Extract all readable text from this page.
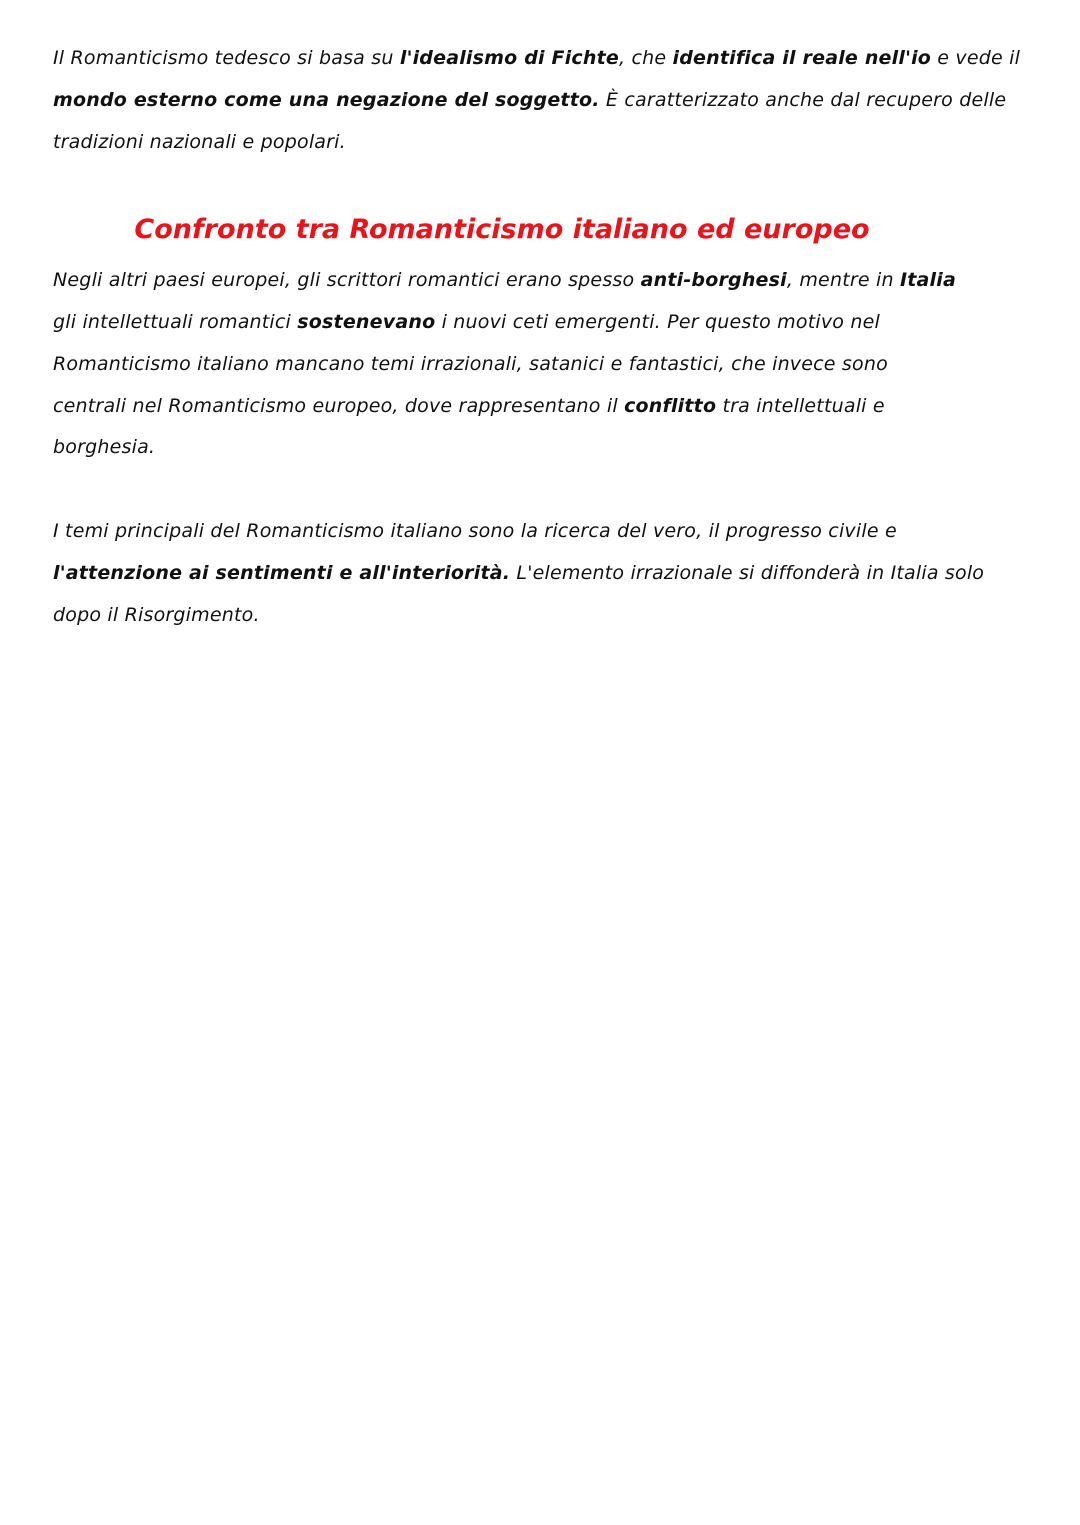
Il Romanticismo tedesco si basa su l'idealismo di Fichte, che identifica il reale nell'io e vede il
mondo esterno come una negazione del soggetto. È caratterizzato anche dal recupero delle
tradizioni nazionali e popolari.
Confronto tra Romanticismo italiano ed europeo
Negli altri paesi europei, gli scrittori romantici erano spesso anti-borghesi, mentre in Italia
gli intellettuali romantici sostenevano i nuovi ceti emergenti. Per questo motivo nel
Romanticismo italiano mancano temi irrazionali, satanici e fantastici, che invece sono
centrali nel Romanticismo europeo, dove rappresentano il conflitto tra intellettuali e
borghesia.
I temi principali del Romanticismo italiano sono la ricerca del vero, il progresso civile e
l'attenzione ai sentimenti e all'interiorità. L'elemento irrazionale si diffonderà in Italia solo
dopo il Risorgimento.
